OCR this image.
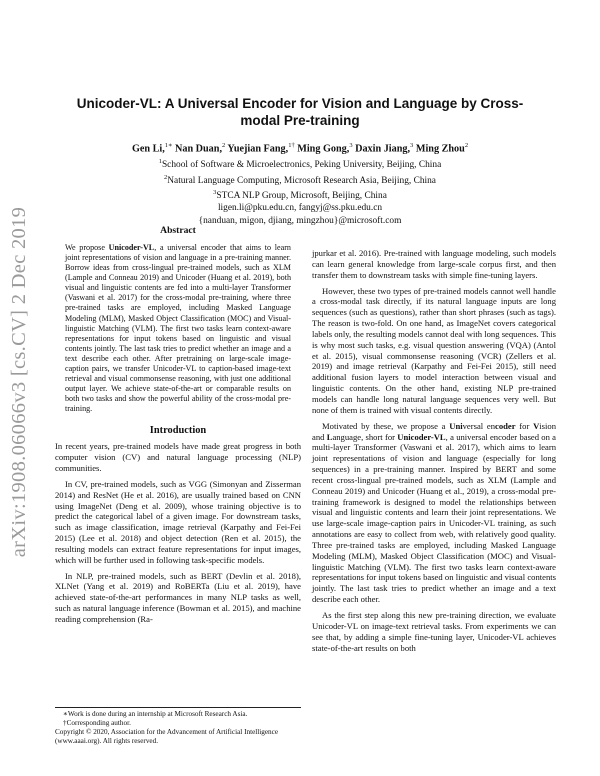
arXiv:1908.06066v3 [cs.CV] 2 Dec 2019
Unicoder-VL: A Universal Encoder for Vision and Language by Cross-modal Pre-training
Gen Li,$^{1∗}$ Nan Duan,$^2$ Yuejian Fang,$^{1\dagger}$ Ming Gong,$^3$ Daxin Jiang,$^3$ Ming Zhou$^2$
$^1$School of Software & Microelectronics, Peking University, Beijing, China
$^2$Natural Language Computing, Microsoft Research Asia, Beijing, China
$^3$STCA NLP Group, Microsoft, Beijing, China
ligen.li@pku.edu.cn, fangyj@ss.pku.edu.cn
{nanduan, migon, djiang, mingzhou}@microsoft.com
Abstract

We propose Unicoder-VL, a universal encoder that aims to learn joint representations of vision and language in a pre-training manner. Borrow ideas from cross-lingual pre-trained models, such as XLM (Lample and Conneau 2019) and Unicoder (Huang et al. 2019), both visual and linguistic contents are fed into a multi-layer Transformer (Vaswani et al. 2017) for the cross-modal pre-training, where three pre-trained tasks are employed, including Masked Language Modeling (MLM), Masked Object Classification (MOC) and Visual-linguistic Matching (VLM). The first two tasks learn context-aware representations for input tokens based on linguistic and visual contents jointly. The last task tries to predict whether an image and a text describe each other. After pretraining on large-scale image-caption pairs, we transfer Unicoder-VL to caption-based image-text retrieval and visual commonsense reasoning, with just one additional output layer. We achieve state-of-the-art or comparable results on both two tasks and show the powerful ability of the cross-modal pre-training.

Introduction

In recent years, pre-trained models have made great progress in both computer vision (CV) and natural language processing (NLP) communities.

In CV, pre-trained models, such as VGG (Simonyan and Zisserman 2014) and ResNet (He et al. 2016), are usually trained based on CNN using ImageNet (Deng et al. 2009), whose training objective is to predict the categorical label of a given image. For downstream tasks, such as image classification, image retrieval (Karpathy and Fei-Fei 2015) (Lee et al. 2018) and object detection (Ren et al. 2015), the resulting models can extract feature representations for input images, which will be further used in following task-specific models.

In NLP, pre-trained models, such as BERT (Devlin et al. 2018), XLNet (Yang et al. 2019) and RoBERTa (Liu et al. 2019), have achieved state-of-the-art performances in many NLP tasks as well, such as natural language inference (Bowman et al. 2015), and machine reading comprehension (Ra-

∗Work is done during an internship at Microsoft Research Asia.
†Corresponding author.
Copyright © 2020, Association for the Advancement of Artificial Intelligence (www.aaai.org). All rights reserved.

jpurkar et al. 2016). Pre-trained with language modeling, such models can learn general knowledge from large-scale corpus first, and then transfer them to downstream tasks with simple fine-tuning layers.

However, these two types of pre-trained models cannot well handle a cross-modal task directly, if its natural language inputs are long sequences (such as questions), rather than short phrases (such as tags). The reason is two-fold. On one hand, as ImageNet covers categorical labels only, the resulting models cannot deal with long sequences. This is why most such tasks, e.g. visual question answering (VQA) (Antol et al. 2015), visual commonsense reasoning (VCR) (Zellers et al. 2019) and image retrieval (Karpathy and Fei-Fei 2015), still need additional fusion layers to model interaction between visual and linguistic contents. On the other hand, existing NLP pre-trained models can handle long natural language sequences very well. But none of them is trained with visual contents directly.

Motivated by these, we propose a Universal encoder for Vision and Language, short for Unicoder-VL, a universal encoder based on a multi-layer Transformer (Vaswani et al. 2017), which aims to learn joint representations of vision and language (especially for long sequences) in a pre-training manner. Inspired by BERT and some recent cross-lingual pre-trained models, such as XLM (Lample and Conneau 2019) and Unicoder (Huang et al., 2019), a cross-modal pre-training framework is designed to model the relationships between visual and linguistic contents and learn their joint representations. We use large-scale image-caption pairs in Unicoder-VL training, as such annotations are easy to collect from web, with relatively good quality. Three pre-trained tasks are employed, including Masked Language Modeling (MLM), Masked Object Classification (MOC) and Visual-linguistic Matching (VLM). The first two tasks learn context-aware representations for input tokens based on linguistic and visual contents jointly. The last task tries to predict whether an image and a text describe each other.

As the first step along this new pre-training direction, we evaluate Unicoder-VL on image-text retrieval tasks. From experiments we can see that, by adding a simple fine-tuning layer, Unicoder-VL achieves state-of-the-art results on both
